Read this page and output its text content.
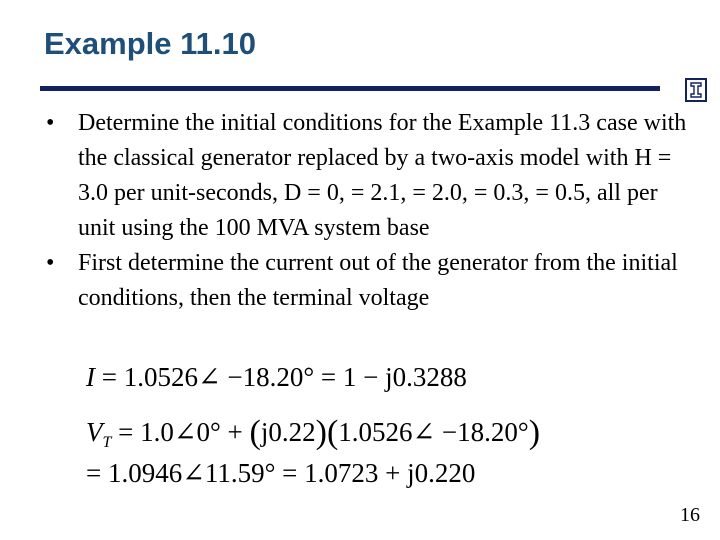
Example 11.10
• Determine the initial conditions for the Example 11.3 case with the classical generator replaced by a two-axis model with H = 3.0 per unit-seconds, D = 0, = 2.1, = 2.0, = 0.3, = 0.5, all per unit using the 100 MVA system base
• First determine the current out of the generator from the initial conditions, then the terminal voltage
I = 1.0526∠ −18.20° = 1 − j0.3288
$V_T$ = 1.0∠0° + (j0.22)(1.0526∠ −18.20°)
= 1.0946∠11.59° = 1.0723 + j0.220
16
